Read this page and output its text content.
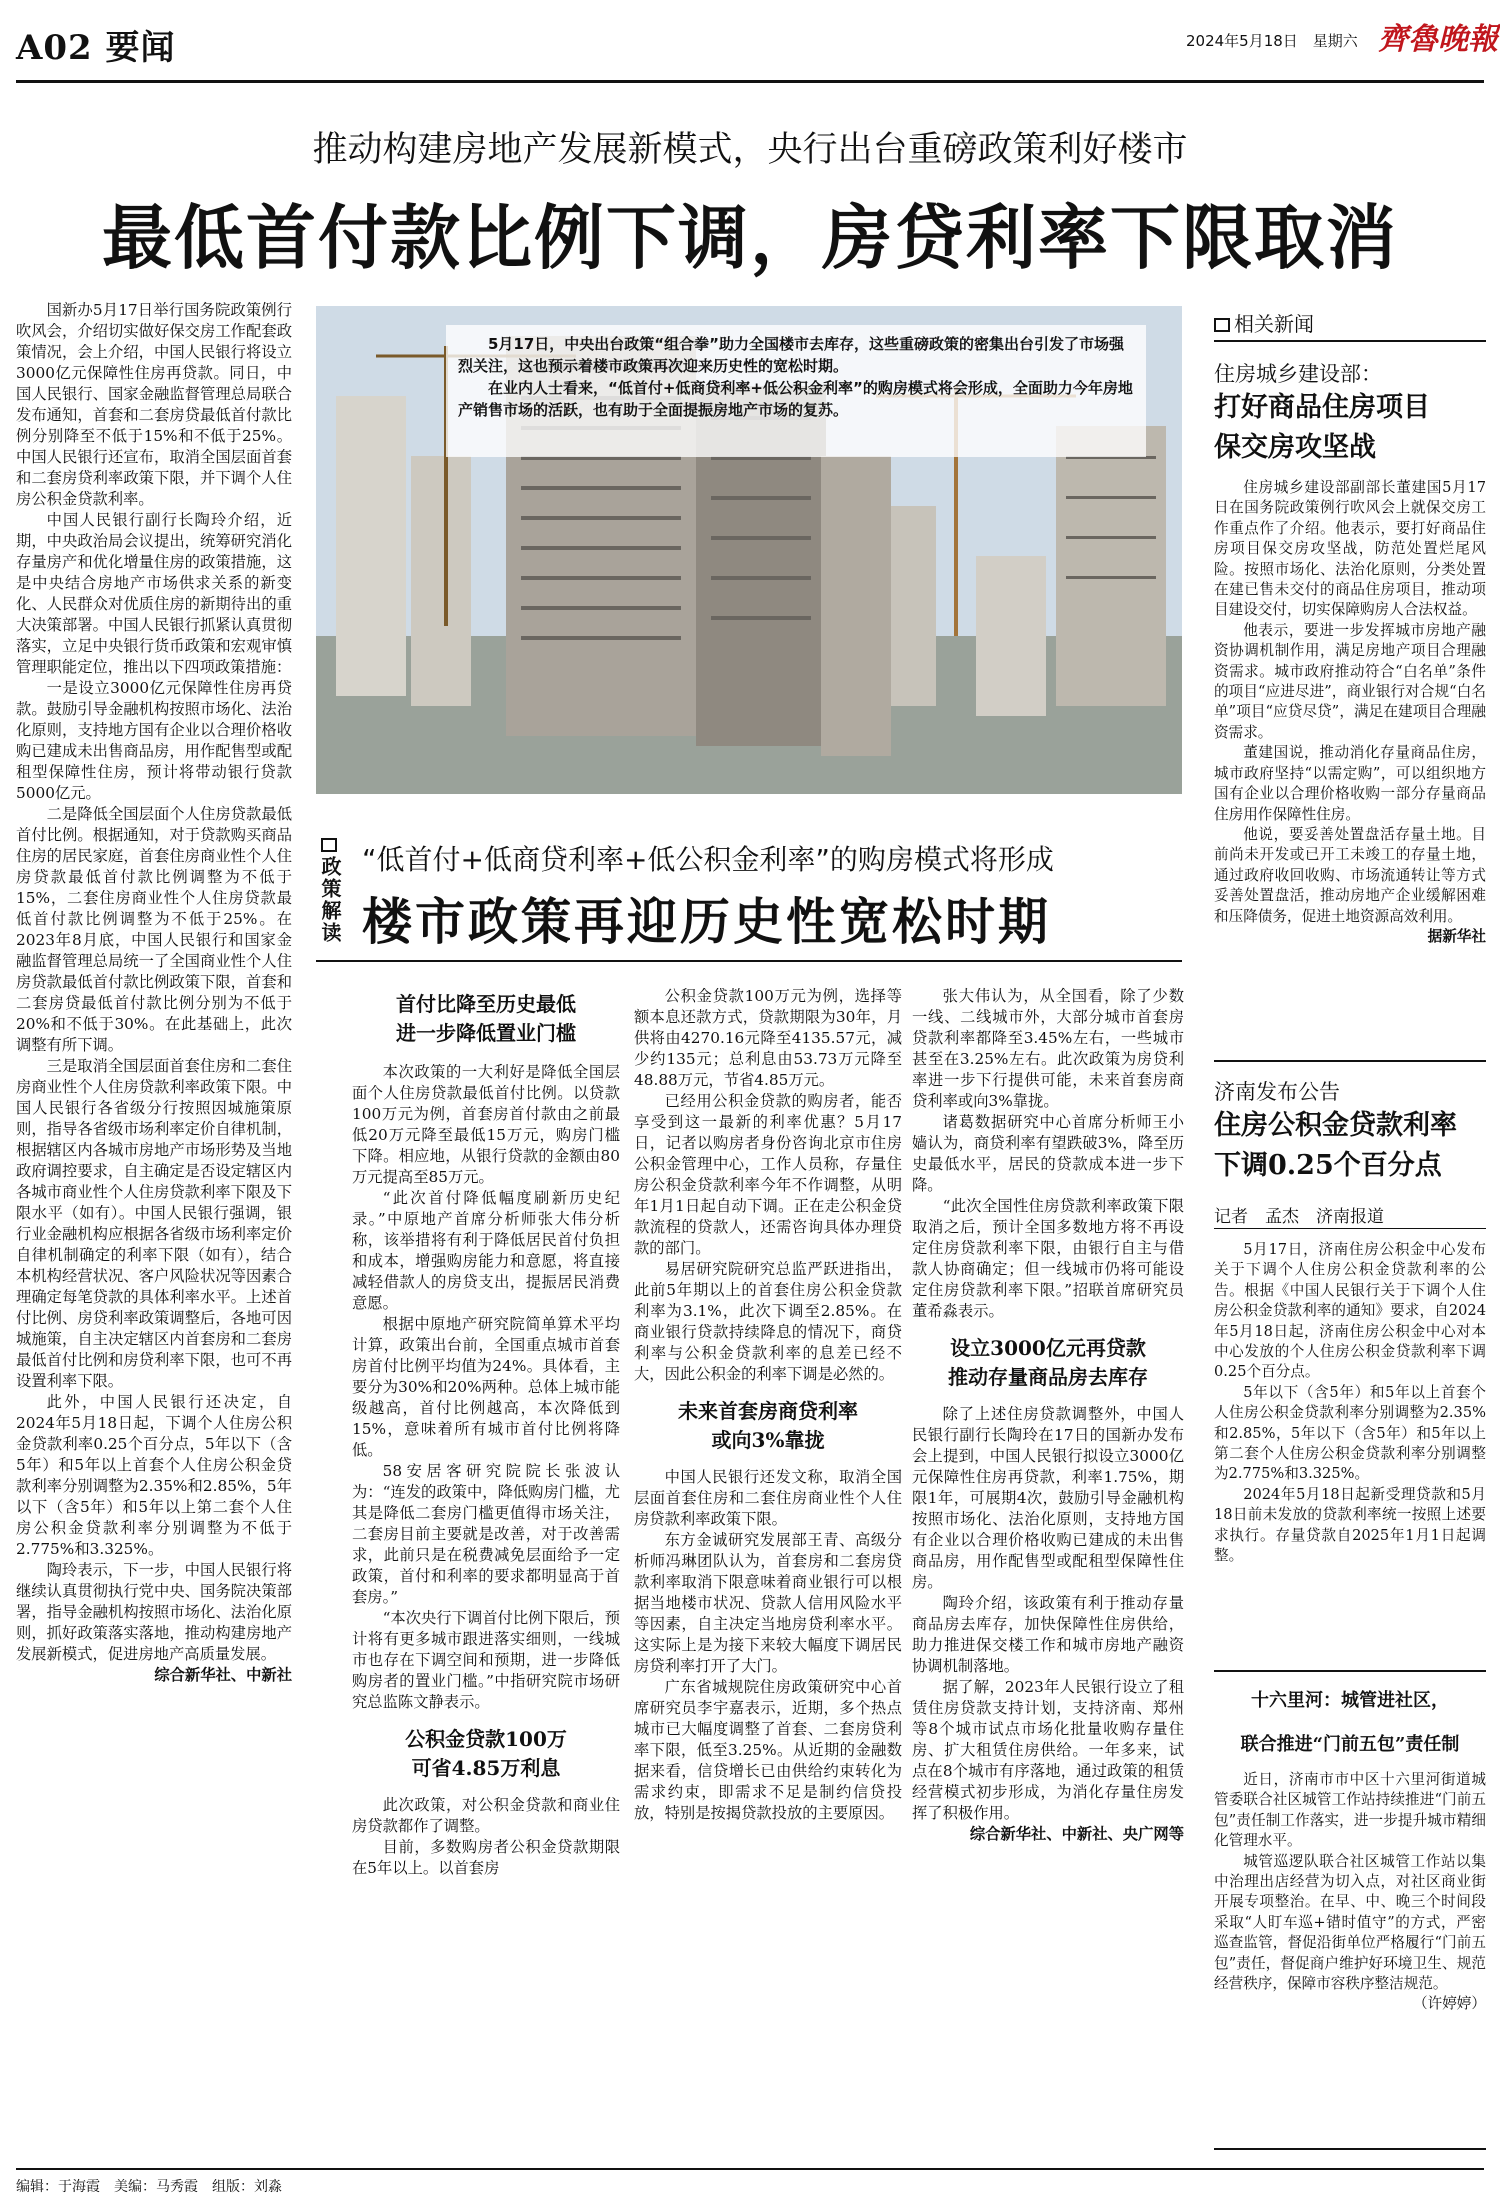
A02 要闻	2024年5月18日　星期六 齊魯晚報
推动构建房地产发展新模式，央行出台重磅政策利好楼市
最低首付款比例下调，房贷利率下限取消

国新办5月17日举行国务院政策例行吹风会，介绍切实做好保交房工作配套政策情况，会上介绍，中国人民银行将设立3000亿元保障性住房再贷款。同日，中国人民银行、国家金融监督管理总局联合发布通知，首套和二套房贷最低首付款比例分别降至不低于15%和不低于25%。中国人民银行还宣布，取消全国层面首套和二套房贷利率政策下限，并下调个人住房公积金贷款利率。

中国人民银行副行长陶玲介绍，近期，中央政治局会议提出，统筹研究消化存量房产和优化增量住房的政策措施，这是中央结合房地产市场供求关系的新变化、人民群众对优质住房的新期待出的重大决策部署。中国人民银行抓紧认真贯彻落实，立足中央银行货币政策和宏观审慎管理职能定位，推出以下四项政策措施：

一是设立3000亿元保障性住房再贷款。鼓励引导金融机构按照市场化、法治化原则，支持地方国有企业以合理价格收购已建成未出售商品房，用作配售型或配租型保障性住房，预计将带动银行贷款5000亿元。

二是降低全国层面个人住房贷款最低首付比例。根据通知，对于贷款购买商品住房的居民家庭，首套住房商业性个人住房贷款最低首付款比例调整为不低于15%，二套住房商业性个人住房贷款最低首付款比例调整为不低于25%。在2023年8月底，中国人民银行和国家金融监督管理总局统一了全国商业性个人住房贷款最低首付款比例政策下限，首套和二套房贷最低首付款比例分别为不低于20%和不低于30%。在此基础上，此次调整有所下调。

三是取消全国层面首套住房和二套住房商业性个人住房贷款利率政策下限。中国人民银行各省级分行按照因城施策原则，指导各省级市场利率定价自律机制，根据辖区内各城市房地产市场形势及当地政府调控要求，自主确定是否设定辖区内各城市商业性个人住房贷款利率下限及下限水平（如有）。中国人民银行强调，银行业金融机构应根据各省级市场利率定价自律机制确定的利率下限（如有），结合本机构经营状况、客户风险状况等因素合理确定每笔贷款的具体利率水平。上述首付比例、房贷利率政策调整后，各地可因城施策，自主决定辖区内首套房和二套房最低首付比例和房贷利率下限，也可不再设置利率下限。

此外，中国人民银行还决定，自2024年5月18日起，下调个人住房公积金贷款利率0.25个百分点，5年以下（含5年）和5年以上首套个人住房公积金贷款利率分别调整为2.35%和2.85%，5年以下（含5年）和5年以上第二套个人住房公积金贷款利率分别调整为不低于2.775%和3.325%。

陶玲表示，下一步，中国人民银行将继续认真贯彻执行党中央、国务院决策部署，指导金融机构按照市场化、法治化原则，抓好政策落实落地，推动构建房地产发展新模式，促进房地产高质量发展。

综合新华社、中新社

5月17日，中央出台政策“组合拳”助力全国楼市去库存，这些重磅政策的密集出台引发了市场强烈关注，这也预示着楼市政策再次迎来历史性的宽松时期。

在业内人士看来，“低首付+低商贷利率+低公积金利率”的购房模式将会形成，全面助力今年房地产销售市场的活跃，也有助于全面提振房地产市场的复苏。

政策解读 “低首付+低商贷利率+低公积金利率”的购房模式将形成
楼市政策再迎历史性宽松时期
首付比降至历史最低
进一步降低置业门槛

本次政策的一大利好是降低全国层面个人住房贷款最低首付比例。以贷款100万元为例，首套房首付款由之前最低20万元降至最低15万元，购房门槛下降。相应地，从银行贷款的金额由80万元提高至85万元。

“此次首付降低幅度刷新历史纪录。”中原地产首席分析师张大伟分析称，该举措将有利于降低居民首付负担和成本，增强购房能力和意愿，将直接减轻借款人的房贷支出，提振居民消费意愿。

根据中原地产研究院简单算术平均计算，政策出台前，全国重点城市首套房首付比例平均值为24%。具体看，主要分为30%和20%两种。总体上城市能级越高，首付比例越高，本次降低到15%，意味着所有城市首付比例将降低。

58安居客研究院院长张波认为：“连发的政策中，降低购房门槛，尤其是降低二套房门槛更值得市场关注，二套房目前主要就是改善，对于改善需求，此前只是在税费减免层面给予一定政策，首付和利率的要求都明显高于首套房。”

“本次央行下调首付比例下限后，预计将有更多城市跟进落实细则，一线城市也存在下调空间和预期，进一步降低购房者的置业门槛。”中指研究院市场研究总监陈文静表示。

公积金贷款100万
可省4.85万利息

此次政策，对公积金贷款和商业住房贷款都作了调整。

目前，多数购房者公积金贷款期限在5年以上。以首套房

公积金贷款100万元为例，选择等额本息还款方式，贷款期限为30年，月供将由4270.16元降至4135.57元，减少约135元；总利息由53.73万元降至48.88万元，节省4.85万元。

已经用公积金贷款的购房者，能否享受到这一最新的利率优惠？5月17日，记者以购房者身份咨询北京市住房公积金管理中心，工作人员称，存量住房公积金贷款利率今年不作调整，从明年1月1日起自动下调。正在走公积金贷款流程的贷款人，还需咨询具体办理贷款的部门。

易居研究院研究总监严跃进指出，此前5年期以上的首套住房公积金贷款利率为3.1%，此次下调至2.85%。在商业银行贷款持续降息的情况下，商贷利率与公积金贷款利率的息差已经不大，因此公积金的利率下调是必然的。

未来首套房商贷利率
或向3%靠拢

中国人民银行还发文称，取消全国层面首套住房和二套住房商业性个人住房贷款利率政策下限。

东方金诚研究发展部王青、高级分析师冯琳团队认为，首套房和二套房贷款利率取消下限意味着商业银行可以根据当地楼市状况、贷款人信用风险水平等因素，自主决定当地房贷利率水平。这实际上是为接下来较大幅度下调居民房贷利率打开了大门。

广东省城规院住房政策研究中心首席研究员李宇嘉表示，近期，多个热点城市已大幅度调整了首套、二套房贷利率下限，低至3.25%。从近期的金融数据来看，信贷增长已由供给约束转化为需求约束，即需求不足是制约信贷投放，特别是按揭贷款投放的主要原因。

张大伟认为，从全国看，除了少数一线、二线城市外，大部分城市首套房贷款利率都降至3.45%左右，一些城市甚至在3.25%左右。此次政策为房贷利率进一步下行提供可能，未来首套房商贷利率或向3%靠拢。

诸葛数据研究中心首席分析师王小嫱认为，商贷利率有望跌破3%，降至历史最低水平，居民的贷款成本进一步下降。

“此次全国性住房贷款利率政策下限取消之后，预计全国多数地方将不再设定住房贷款利率下限，由银行自主与借款人协商确定；但一线城市仍将可能设定住房贷款利率下限。”招联首席研究员董希淼表示。

设立3000亿元再贷款
推动存量商品房去库存

除了上述住房贷款调整外，中国人民银行副行长陶玲在17日的国新办发布会上提到，中国人民银行拟设立3000亿元保障性住房再贷款，利率1.75%，期限1年，可展期4次，鼓励引导金融机构按照市场化、法治化原则，支持地方国有企业以合理价格收购已建成的未出售商品房，用作配售型或配租型保障性住房。

陶玲介绍，该政策有利于推动存量商品房去库存，加快保障性住房供给，助力推进保交楼工作和城市房地产融资协调机制落地。

据了解，2023年人民银行设立了租赁住房贷款支持计划，支持济南、郑州等8个城市试点市场化批量收购存量住房、扩大租赁住房供给。一年多来，试点在8个城市有序落地，通过政策的租赁经营模式初步形成，为消化存量住房发挥了积极作用。

综合新华社、中新社、央广网等

相关新闻
住房城乡建设部：
打好商品住房项目
保交房攻坚战

住房城乡建设部副部长董建国5月17日在国务院政策例行吹风会上就保交房工作重点作了介绍。他表示，要打好商品住房项目保交房攻坚战，防范处置烂尾风险。按照市场化、法治化原则，分类处置在建已售未交付的商品住房项目，推动项目建设交付，切实保障购房人合法权益。

他表示，要进一步发挥城市房地产融资协调机制作用，满足房地产项目合理融资需求。城市政府推动符合“白名单”条件的项目“应进尽进”，商业银行对合规“白名单”项目“应贷尽贷”，满足在建项目合理融资需求。

董建国说，推动消化存量商品住房，城市政府坚持“以需定购”，可以组织地方国有企业以合理价格收购一部分存量商品住房用作保障性住房。

他说，要妥善处置盘活存量土地。目前尚未开发或已开工未竣工的存量土地，通过政府收回收购、市场流通转让等方式妥善处置盘活，推动房地产企业缓解困难和压降债务，促进土地资源高效利用。

据新华社

济南发布公告
住房公积金贷款利率
下调0.25个百分点
记者　孟杰　济南报道

5月17日，济南住房公积金中心发布关于下调个人住房公积金贷款利率的公告。根据《中国人民银行关于下调个人住房公积金贷款利率的通知》要求，自2024年5月18日起，济南住房公积金中心对本中心发放的个人住房公积金贷款利率下调0.25个百分点。

5年以下（含5年）和5年以上首套个人住房公积金贷款利率分别调整为2.35%和2.85%，5年以下（含5年）和5年以上第二套个人住房公积金贷款利率分别调整为2.775%和3.325%。

2024年5月18日起新受理贷款和5月18日前未发放的贷款利率统一按照上述要求执行。存量贷款自2025年1月1日起调整。

十六里河：城管进社区，
联合推进“门前五包”责任制

近日，济南市市中区十六里河街道城管委联合社区城管工作站持续推进“门前五包”责任制工作落实，进一步提升城市精细化管理水平。

城管巡逻队联合社区城管工作站以集中治理出店经营为切入点，对社区商业街开展专项整治。在早、中、晚三个时间段采取“人盯车巡+错时值守”的方式，严密巡查监管，督促沿街单位严格履行“门前五包”责任，督促商户维护好环境卫生、规范经营秩序，保障市容秩序整洁规范。

（许婷婷）

编辑：于海霞　美编：马秀霞　组版：刘淼
